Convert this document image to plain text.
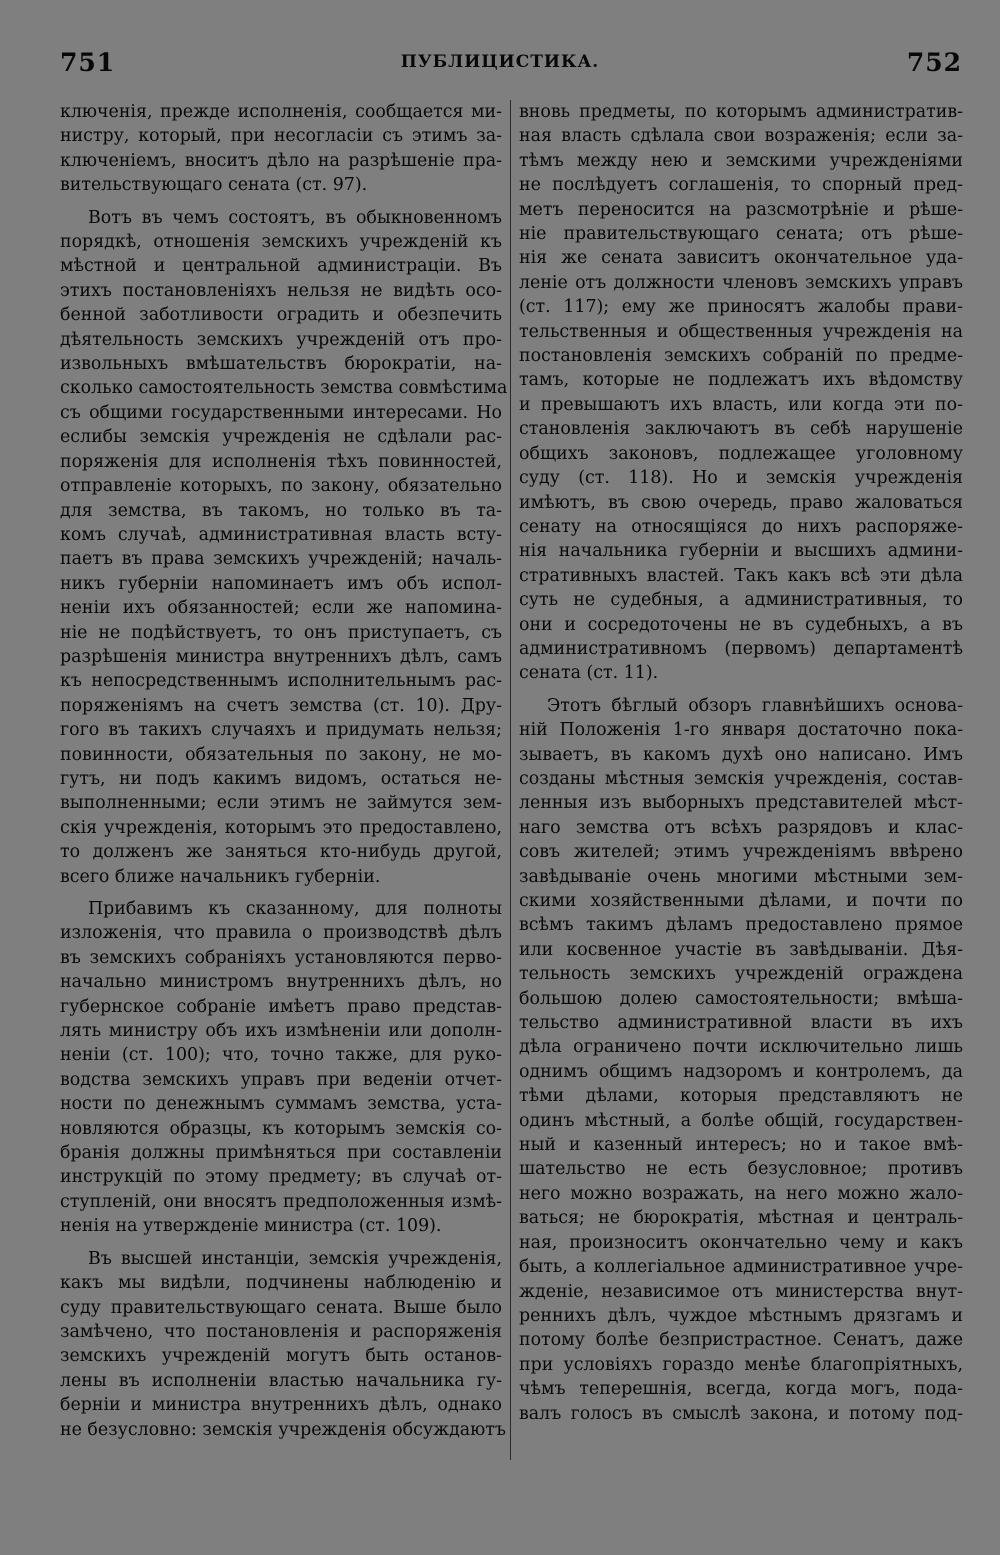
751	ПУБЛИЦИСТИКА.	752
ключенія, прежде исполненія, сообщается ми-
нистру, который, при несогласіи съ этимъ за-
ключеніемъ, вноситъ дѣло на разрѣшеніе пра-
вительствующаго сената (ст. 97).
Вотъ въ чемъ состоятъ, въ обыкновенномъ
порядкѣ, отношенія земскихъ учрежденій къ
мѣстной и центральной администраціи. Въ
этихъ постановленіяхъ нельзя не видѣть осо-
бенной заботливости оградить и обезпечить
дѣятельность земскихъ учрежденій отъ про-
извольныхъ вмѣшательствъ бюрократіи, на-
сколько самостоятельность земства совмѣстима
съ общими государственными интересами. Но
еслибы земскія учрежденія не сдѣлали рас-
поряженія для исполненія тѣхъ повинностей,
отправленіе которыхъ, по закону, обязательно
для земства, въ такомъ, но только въ та-
комъ случаѣ, административная власть всту-
паетъ въ права земскихъ учрежденій; началь-
никъ губерніи напоминаетъ имъ объ испол-
неніи ихъ обязанностей; если же напомина-
ніе не подѣйствуетъ, то онъ приступаетъ, съ
разрѣшенія министра внутреннихъ дѣлъ, самъ
къ непосредственнымъ исполнительнымъ рас-
поряженіямъ на счетъ земства (ст. 10). Дру-
гого въ такихъ случаяхъ и придумать нельзя;
повинности, обязательныя по закону, не мо-
гутъ, ни подъ какимъ видомъ, остаться не-
выполненными; если этимъ не займутся зем-
скія учрежденія, которымъ это предоставлено,
то долженъ же заняться кто-нибудь другой,
всего ближе начальникъ губерніи.
Прибавимъ къ сказанному, для полноты
изложенія, что правила о производствѣ дѣлъ
въ земскихъ собраніяхъ установляются перво-
начально министромъ внутреннихъ дѣлъ, но
губернское собраніе имѣетъ право представ-
лять министру объ ихъ измѣненіи или дополн-
неніи (ст. 100); что, точно также, для руко-
водства земскихъ управъ при веденіи отчет-
ности по денежнымъ суммамъ земства, уста-
новляются образцы, къ которымъ земскія со-
бранія должны примѣняться при составленіи
инструкцій по этому предмету; въ случаѣ от-
ступленій, они вносятъ предположенныя измѣ-
ненія на утвержденіе министра (ст. 109).
Въ высшей инстанціи, земскія учрежденія,
какъ мы видѣли, подчинены наблюденію и
суду правительствующаго сената. Выше было
замѣчено, что постановленія и распоряженія
земскихъ учрежденій могутъ быть останов-
лены въ исполненіи властью начальника гу-
берніи и министра внутреннихъ дѣлъ, однако
не безусловно: земскія учрежденія обсуждаютъ
вновь предметы, по которымъ административ-
ная власть сдѣлала свои возраженія; если за-
тѣмъ между нею и земскими учрежденіями
не послѣдуетъ соглашенія, то спорный пред-
метъ переносится на разсмотрѣніе и рѣше-
ніе правительствующаго сената; отъ рѣше-
нія же сената зависитъ окончательное уда-
леніе отъ должности членовъ земскихъ управъ
(ст. 117); ему же приносятъ жалобы прави-
тельственныя и общественныя учрежденія на
постановленія земскихъ собраній по предме-
тамъ, которые не подлежатъ ихъ вѣдомству
и превышаютъ ихъ власть, или когда эти по-
становленія заключаютъ въ себѣ нарушеніе
общихъ законовъ, подлежащее уголовному
суду (ст. 118). Но и земскія учрежденія
имѣютъ, въ свою очередь, право жаловаться
сенату на относящіяся до нихъ распоряже-
нія начальника губерніи и высшихъ админи-
стративныхъ властей. Такъ какъ всѣ эти дѣла
суть не судебныя, а административныя, то
они и сосредоточены не въ судебныхъ, а въ
административномъ (первомъ) департаментѣ
сената (ст. 11).
Этотъ бѣглый обзоръ главнѣйшихъ основа-
ній Положенія 1-го января достаточно пока-
зываетъ, въ какомъ духѣ оно написано. Имъ
созданы мѣстныя земскія учрежденія, состав-
ленныя изъ выборныхъ представителей мѣст-
наго земства отъ всѣхъ разрядовъ и клас-
совъ жителей; этимъ учрежденіямъ ввѣрено
завѣдываніе очень многими мѣстными зем-
скими хозяйственными дѣлами, и почти по
всѣмъ такимъ дѣламъ предоставлено прямое
или косвенное участіе въ завѣдываніи. Дѣя-
тельность земскихъ учрежденій ограждена
большою долею самостоятельности; вмѣша-
тельство административной власти въ ихъ
дѣла ограничено почти исключительно лишь
однимъ общимъ надзоромъ и контролемъ, да
тѣми дѣлами, которыя представляютъ не
одинъ мѣстный, а болѣе общій, государствен-
ный и казенный интересъ; но и такое вмѣ-
шательство не есть безусловное; противъ
него можно возражать, на него можно жало-
ваться; не бюрократія, мѣстная и централь-
ная, произноситъ окончательно чему и какъ
быть, а коллегіальное административное учре-
жденіе, независимое отъ министерства внут-
реннихъ дѣлъ, чуждое мѣстнымъ дрязгамъ и
потому болѣе безпристрастное. Сенатъ, даже
при условіяхъ гораздо менѣе благопріятныхъ,
чѣмъ теперешнія, всегда, когда могъ, пода-
валъ голосъ въ смыслѣ закона, и потому под-
